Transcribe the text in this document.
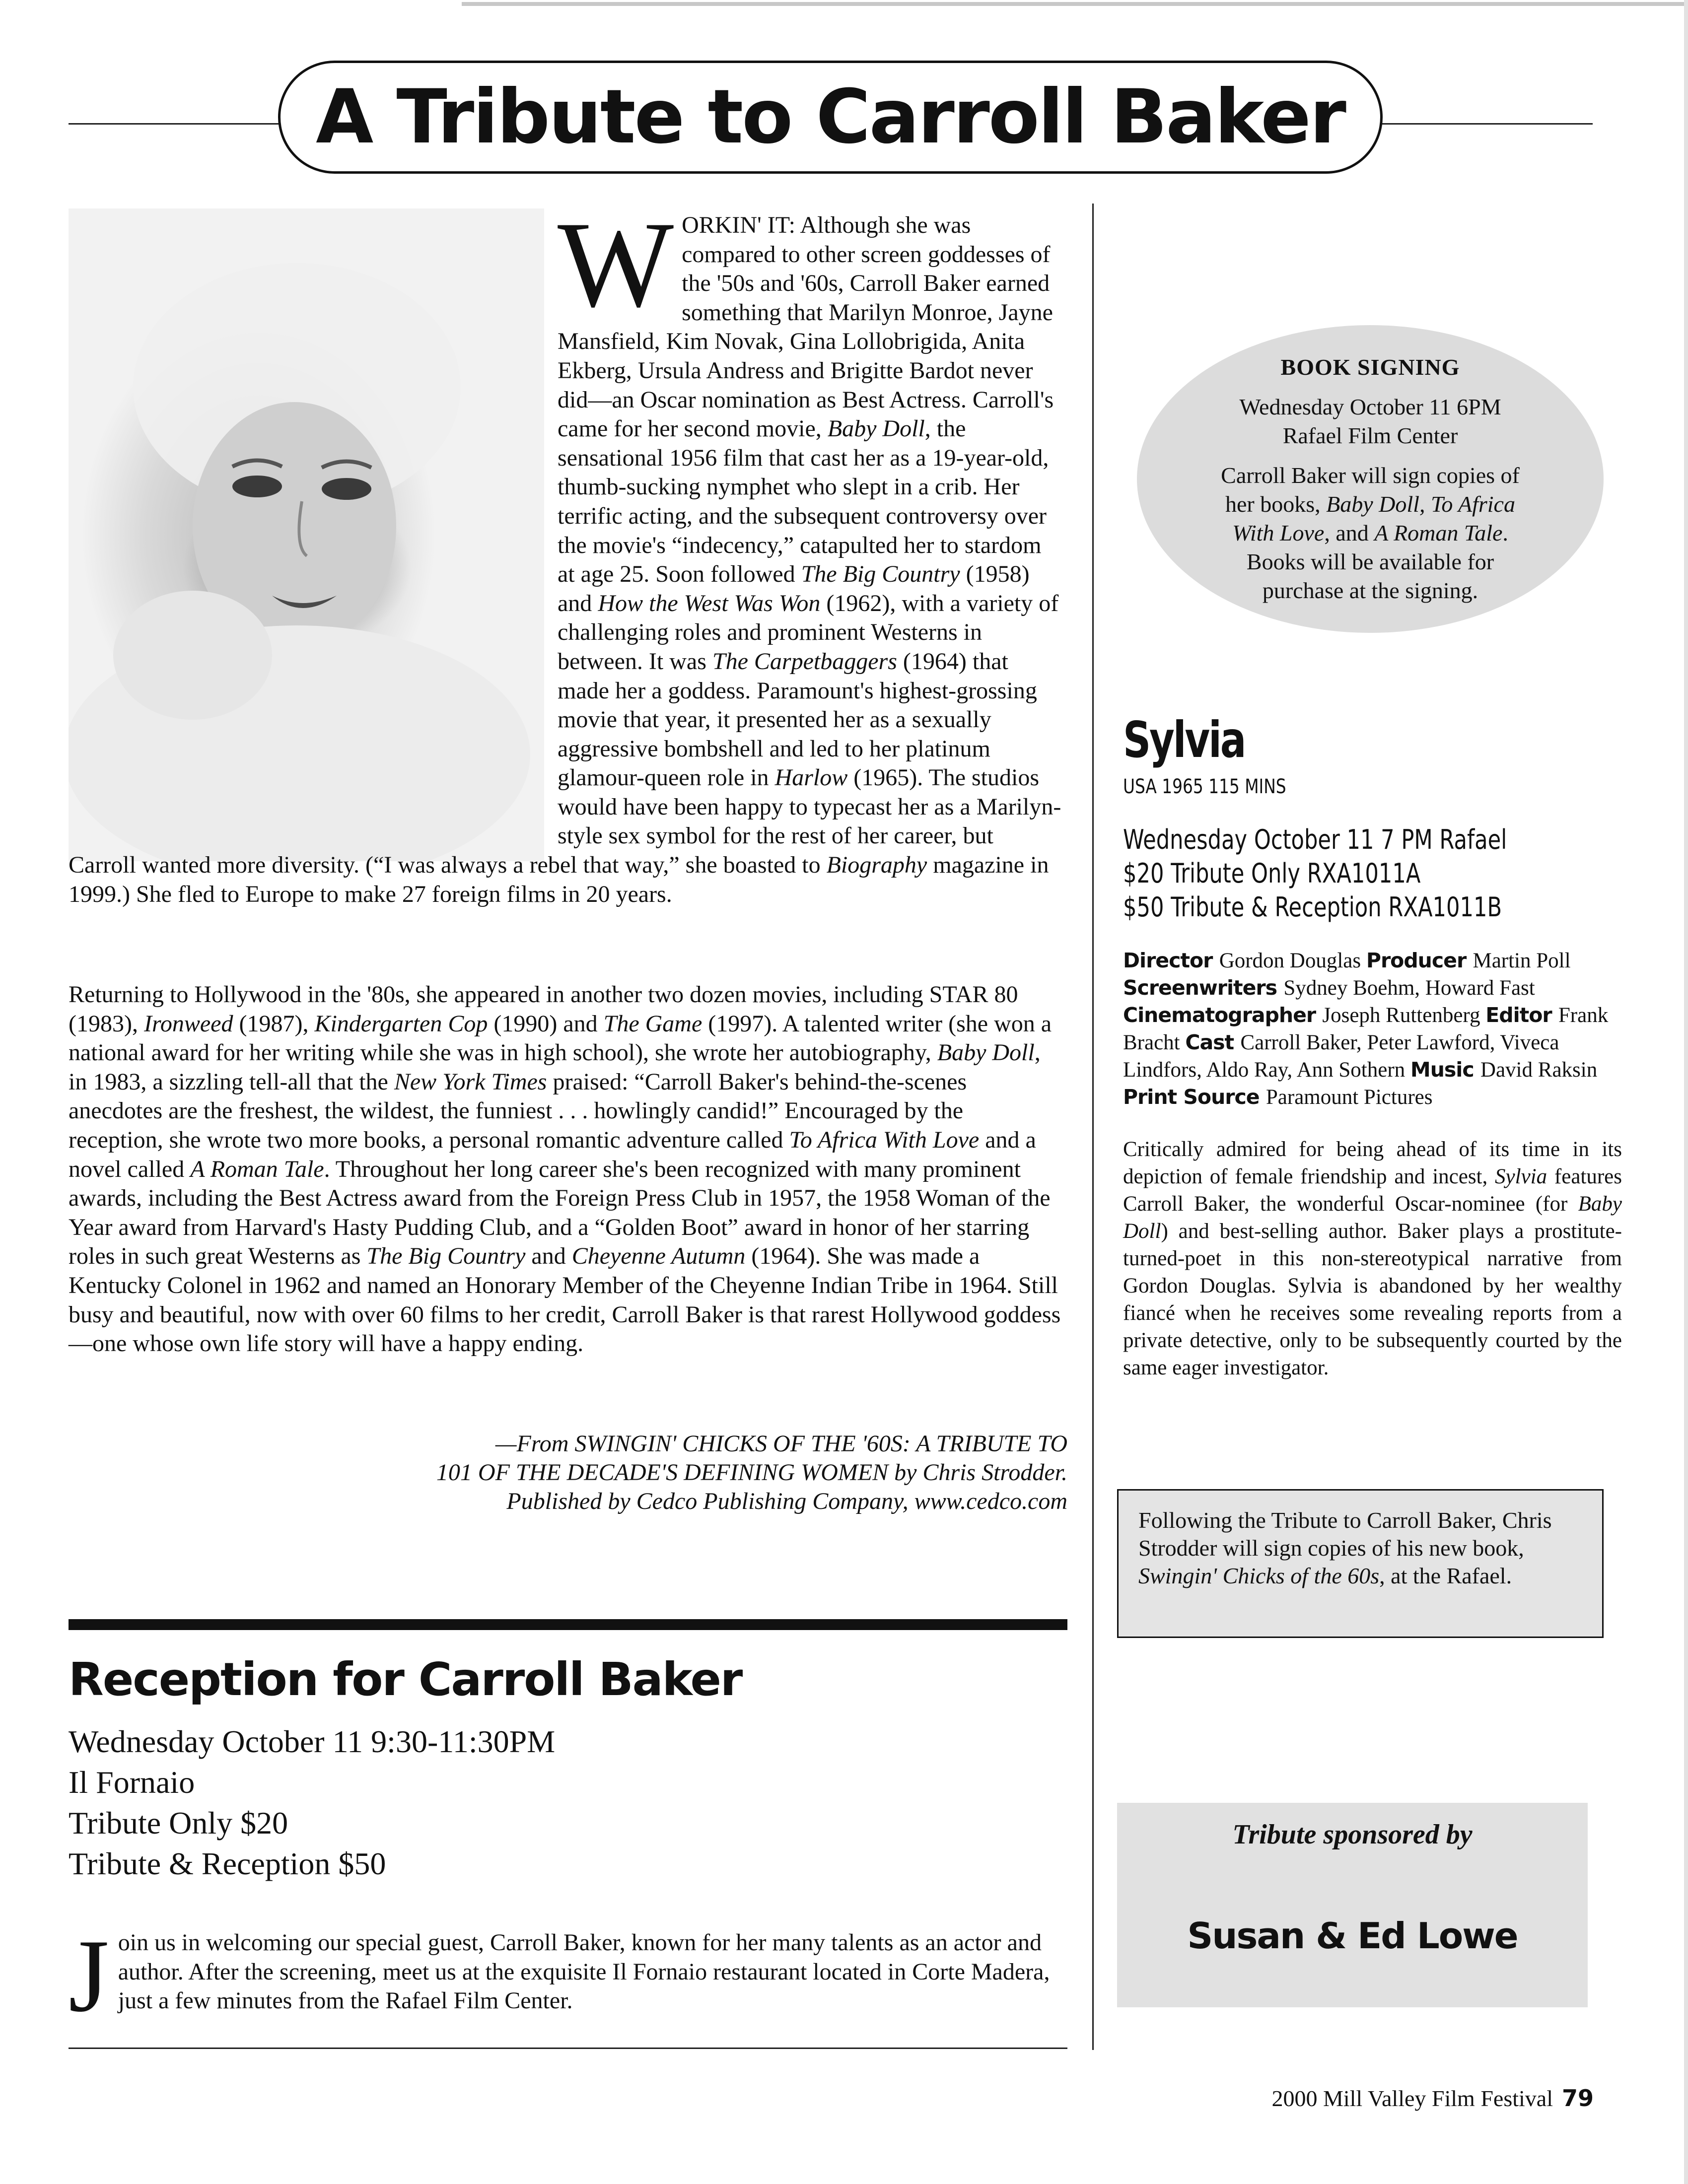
A Tribute to Carroll Baker
W ORKIN' IT: Although she was compared to other screen goddesses of the '50s and '60s, Carroll Baker earned something that Marilyn Monroe, Jayne Mansfield, Kim Novak, Gina Lollobrigida, Anita Ekberg, Ursula Andress and Brigitte Bardot never did—an Oscar nomination as Best Actress. Carroll's came for her second movie, Baby Doll, the sensational 1956 film that cast her as a 19-year-old, thumb-sucking nymphet who slept in a crib. Her terrific acting, and the subsequent controversy over the movie's “indecency,” catapulted her to stardom at age 25. Soon followed The Big Country (1958) and How the West Was Won (1962), with a variety of challenging roles and prominent Westerns in between. It was The Carpetbaggers (1964) that made her a goddess. Paramount's highest-grossing movie that year, it presented her as a sexually aggressive bombshell and led to her platinum glamour-queen role in Harlow (1965). The studios would have been happy to typecast her as a Marilyn-style sex symbol for the rest of her career, but Carroll wanted more diversity. (“I was always a rebel that way,” she boasted to Biography magazine in 1999.) She fled to Europe to make 27 foreign films in 20 years.
Returning to Hollywood in the '80s, she appeared in another two dozen movies, including STAR 80 (1983), Ironweed (1987), Kindergarten Cop (1990) and The Game (1997). A talented writer (she won a national award for her writing while she was in high school), she wrote her autobiography, Baby Doll, in 1983, a sizzling tell-all that the New York Times praised: “Carroll Baker's behind-the-scenes anecdotes are the freshest, the wildest, the funniest . . . howlingly candid!” Encouraged by the reception, she wrote two more books, a personal romantic adventure called To Africa With Love and a novel called A Roman Tale. Throughout her long career she's been recognized with many prominent awards, including the Best Actress award from the Foreign Press Club in 1957, the 1958 Woman of the Year award from Harvard's Hasty Pudding Club, and a “Golden Boot” award in honor of her starring roles in such great Westerns as The Big Country and Cheyenne Autumn (1964). She was made a Kentucky Colonel in 1962 and named an Honorary Member of the Cheyenne Indian Tribe in 1964. Still busy and beautiful, now with over 60 films to her credit, Carroll Baker is that rarest Hollywood goddess—one whose own life story will have a happy ending.
—From SWINGIN' CHICKS OF THE '60S: A TRIBUTE TO
101 OF THE DECADE'S DEFINING WOMEN by Chris Strodder.
Published by Cedco Publishing Company, www.cedco.com
Reception for Carroll Baker
Wednesday October 11 9:30-11:30PM
Il Fornaio
Tribute Only $20
Tribute & Reception $50
J oin us in welcoming our special guest, Carroll Baker, known for her many talents as an actor and author. After the screening, meet us at the exquisite Il Fornaio restaurant located in Corte Madera, just a few minutes from the Rafael Film Center.
BOOK SIGNING
Wednesday October 11 6PM
Rafael Film Center
Carroll Baker will sign copies of her books, Baby Doll, To Africa With Love, and A Roman Tale. Books will be available for purchase at the signing.
Sylvia
USA 1965 115 MINS
Wednesday October 11 7 PM Rafael
$20 Tribute Only RXA1011A
$50 Tribute & Reception RXA1011B
Director Gordon Douglas Producer Martin Poll Screenwriters Sydney Boehm, Howard Fast Cinematographer Joseph Ruttenberg Editor Frank Bracht Cast Carroll Baker, Peter Lawford, Viveca Lindfors, Aldo Ray, Ann Sothern Music David Raksin Print Source Paramount Pictures
Critically admired for being ahead of its time in its depiction of female friendship and incest, Sylvia features Carroll Baker, the wonderful Oscar-nominee (for Baby Doll) and best-selling author. Baker plays a prostitute-turned-poet in this non-stereotypical narrative from Gordon Douglas. Sylvia is abandoned by her wealthy fiancé when he receives some revealing reports from a private detective, only to be subsequently courted by the same eager investigator.
Following the Tribute to Carroll Baker, Chris Strodder will sign copies of his new book, Swingin' Chicks of the 60s, at the Rafael.
Tribute sponsored by
Susan & Ed Lowe
2000 Mill Valley Film Festival 79
